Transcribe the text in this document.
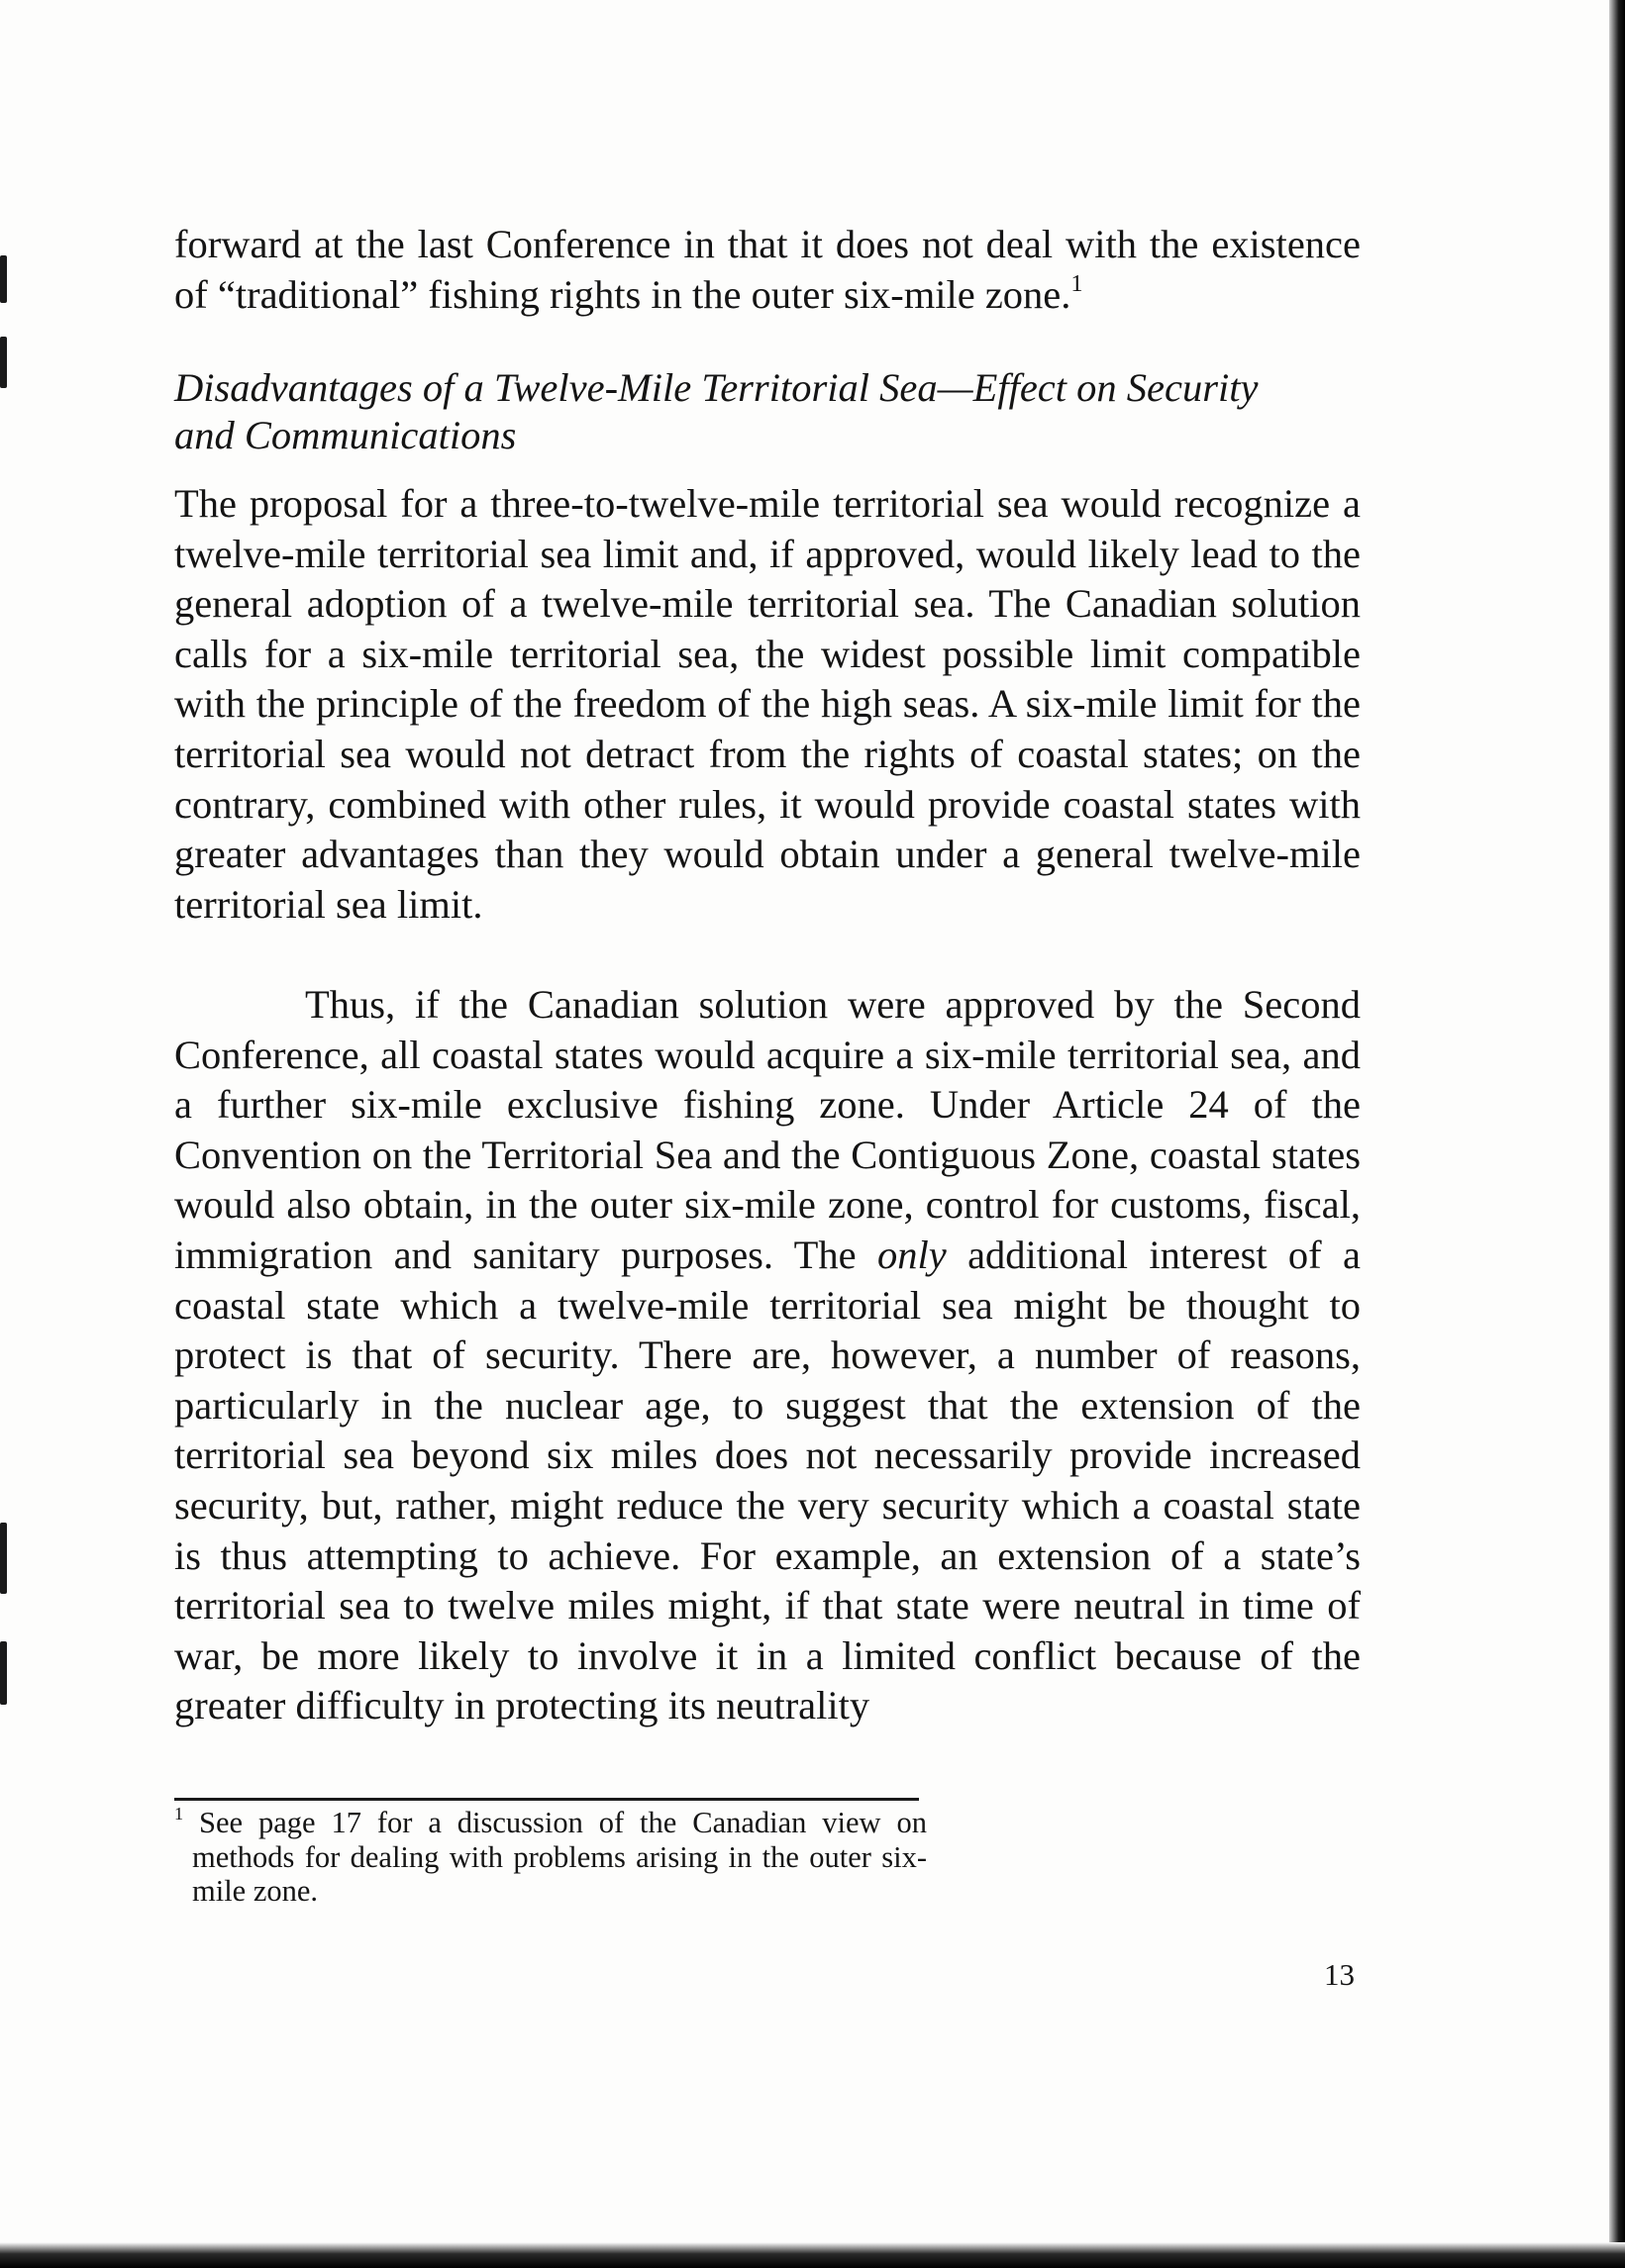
forward at the last Conference in that it does not deal with the existence of “traditional” fishing rights in the outer six-mile zone.$^1$

Disadvantages of a Twelve-Mile Territorial Sea—Effect on Security and Communications

The proposal for a three-to-twelve-mile territorial sea would recognize a twelve-mile territorial sea limit and, if approved, would likely lead to the general adoption of a twelve-mile territorial sea. The Canadian solution calls for a six-mile territorial sea, the widest possible limit compatible with the principle of the freedom of the high seas. A six-mile limit for the territorial sea would not detract from the rights of coastal states; on the contrary, combined with other rules, it would provide coastal states with greater advantages than they would obtain under a general twelve-mile territorial sea limit.

Thus, if the Canadian solution were approved by the Second Conference, all coastal states would acquire a six-mile territorial sea, and a further six-mile exclusive fishing zone. Under Article 24 of the Convention on the Territorial Sea and the Contiguous Zone, coastal states would also obtain, in the outer six-mile zone, control for customs, fiscal, immigration and sanitary purposes. The only additional interest of a coastal state which a twelve-mile territorial sea might be thought to protect is that of security. There are, however, a number of reasons, particularly in the nuclear age, to suggest that the extension of the territorial sea beyond six miles does not necessarily provide increased security, but, rather, might reduce the very security which a coastal state is thus attempting to achieve. For example, an extension of a state’s territorial sea to twelve miles might, if that state were neutral in time of war, be more likely to involve it in a limited conflict because of the greater difficulty in protecting its neutrality

$^1$ See page 17 for a discussion of the Canadian view on methods for dealing with problems arising in the outer six-mile zone.
13
